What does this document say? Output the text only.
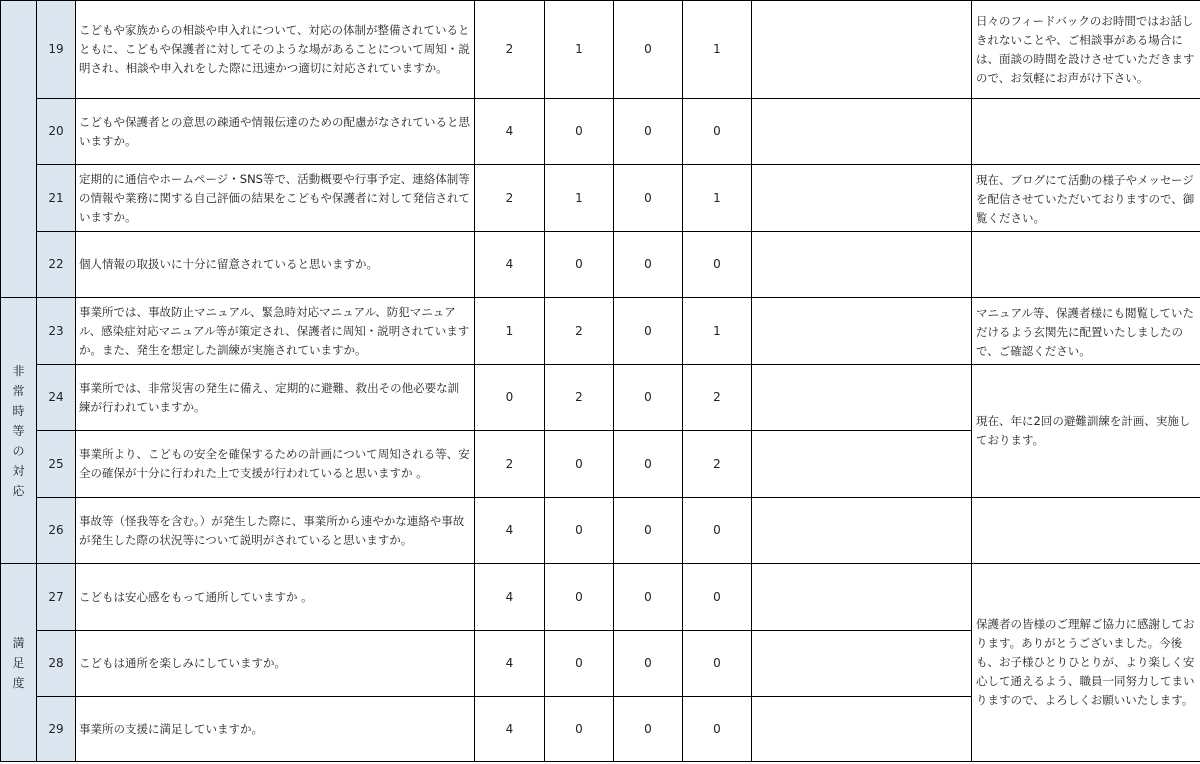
	19	こどもや家族からの相談や申入れについて、対応の体制が整備されているとともに、こどもや保護者に対してそのような場があることについて周知・説明され、相談や申入れをした際に迅速かつ適切に対応されていますか。	2	1	0	1		日々のフィードバックのお時間ではお話しきれないことや、ご相談事がある場合には、面談の時間を設けさせていただきますので、お気軽にお声がけ下さい。
	20	こどもや保護者との意思の疎通や情報伝達のための配慮がなされていると思いますか。	4	0	0	0		
	21	定期的に通信やホームページ・SNS等で、活動概要や行事予定、連絡体制等の情報や業務に関する自己評価の結果をこどもや保護者に対して発信されていますか。	2	1	0	1		現在、ブログにて活動の様子やメッセージを配信させていただいておりますので、御覧ください。
	22	個人情報の取扱いに十分に留意されていると思いますか。	4	0	0	0		
非常時等の対応	23	事業所では、事故防止マニュアル、緊急時対応マニュアル、防犯マニュアル、感染症対応マニュアル等が策定され、保護者に周知・説明されていますか。また、発生を想定した訓練が実施されていますか。	1	2	0	1		マニュアル等、保護者様にも閲覧していただけるよう玄関先に配置いたしましたので、ご確認ください。
	24	事業所では、非常災害の発生に備え、定期的に避難、救出その他必要な訓練が行われていますか。	0	2	0	2		現在、年に2回の避難訓練を計画、実施しております。
	25	事業所より、こどもの安全を確保するための計画について周知される等、安全の確保が十分に行われた上で支援が行われていると思いますか 。	2	0	0	2		
	26	事故等（怪我等を含む。）が発生した際に、事業所から速やかな連絡や事故が発生した際の状況等について説明がされていると思いますか。	4	0	0	0		
満足度	27	こどもは安心感をもって通所していますか 。	4	0	0	0		保護者の皆様のご理解ご協力に感謝しております。ありがとうございました。今後も、お子様ひとりひとりが、より楽しく安心して通えるよう、職員一同努力してまいりますので、よろしくお願いいたします。
	28	こどもは通所を楽しみにしていますか。	4	0	0	0		
	29	事業所の支援に満足していますか。	4	0	0	0		
